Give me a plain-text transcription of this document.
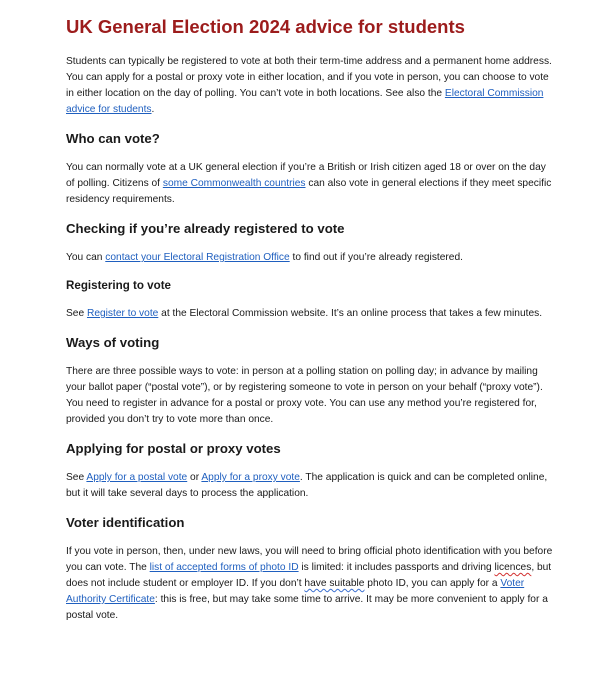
UK General Election 2024 advice for students

Students can typically be registered to vote at both their term-time address and a permanent home address. You can apply for a postal or proxy vote in either location, and if you vote in person, you can choose to vote in either location on the day of polling. You can’t vote in both locations. See also the Electoral Commission advice for students.

Who can vote?

You can normally vote at a UK general election if you’re a British or Irish citizen aged 18 or over on the day of polling. Citizens of some Commonwealth countries can also vote in general elections if they meet specific residency requirements.

Checking if you’re already registered to vote

You can contact your Electoral Registration Office to find out if you’re already registered.

Registering to vote

See Register to vote at the Electoral Commission website. It’s an online process that takes a few minutes.

Ways of voting

There are three possible ways to vote: in person at a polling station on polling day; in advance by mailing your ballot paper (“postal vote”), or by registering someone to vote in person on your behalf (“proxy vote”). You need to register in advance for a postal or proxy vote. You can use any method you’re registered for, provided you don’t try to vote more than once.

Applying for postal or proxy votes

See Apply for a postal vote or Apply for a proxy vote. The application is quick and can be completed online, but it will take several days to process the application.

Voter identification

If you vote in person, then, under new laws, you will need to bring official photo identification with you before you can vote. The list of accepted forms of photo ID is limited: it includes passports and driving licences, but does not include student or employer ID. If you don’t have suitable photo ID, you can apply for a Voter Authority Certificate: this is free, but may take some time to arrive. It may be more convenient to apply for a postal vote.
